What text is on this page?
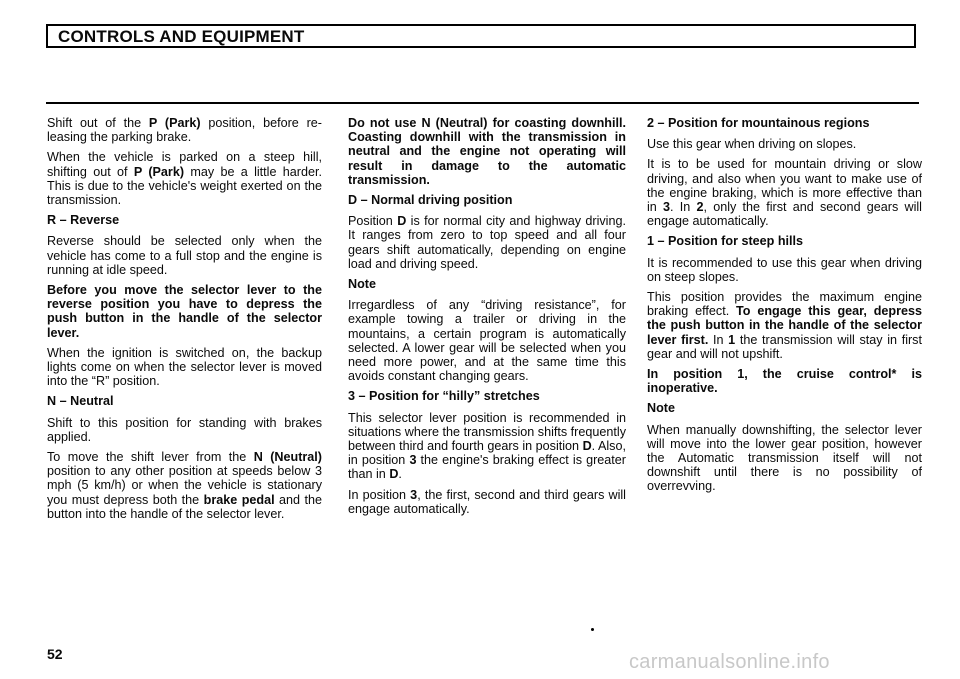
CONTROLS AND EQUIPMENT

Shift out of the P (Park) position, before re-leasing the parking brake.

When the vehicle is parked on a steep hill, shifting out of P (Park) may be a little harder. This is due to the vehicle's weight exerted on the transmission.

R – Reverse

Reverse should be selected only when the vehicle has come to a full stop and the engine is running at idle speed.

Before you move the selector lever to the reverse position you have to depress the push button in the handle of the selector lever.

When the ignition is switched on, the backup lights come on when the selector lever is moved into the “R” position.

N – Neutral

Shift to this position for standing with brakes applied.

To move the shift lever from the N (Neutral) position to any other position at speeds below 3 mph (5 km/h) or when the vehicle is stationary you must depress both the brake pedal and the button into the handle of the selector lever.

Do not use N (Neutral) for coasting downhill. Coasting downhill with the transmission in neutral and the engine not operating will result in damage to the automatic transmission.

D – Normal driving position

Position D is for normal city and highway driving. It ranges from zero to top speed and all four gears shift automatically, depending on engine load and driving speed.

Note

Irregardless of any “driving resistance”, for example towing a trailer or driving in the mountains, a certain program is automatically selected. A lower gear will be selected when you need more power, and at the same time this avoids constant changing gears.

3 – Position for “hilly” stretches

This selector lever position is recommended in situations where the transmission shifts frequently between third and fourth gears in position D. Also, in position 3 the engine's braking effect is greater than in D.

In position 3, the first, second and third gears will engage automatically.

2 – Position for mountainous regions

Use this gear when driving on slopes.

It is to be used for mountain driving or slow driving, and also when you want to make use of the engine braking, which is more effective than in 3. In 2, only the first and second gears will engage automatically.

1 – Position for steep hills

It is recommended to use this gear when driving on steep slopes.

This position provides the maximum engine braking effect. To engage this gear, depress the push button in the handle of the selector lever first. In 1 the transmission will stay in first gear and will not upshift.

In position 1, the cruise control* is inoperative.

Note

When manually downshifting, the selector lever will move into the lower gear position, however the Automatic transmission itself will not downshift until there is no possibility of overrevving.

52	carmanualsonline.info
